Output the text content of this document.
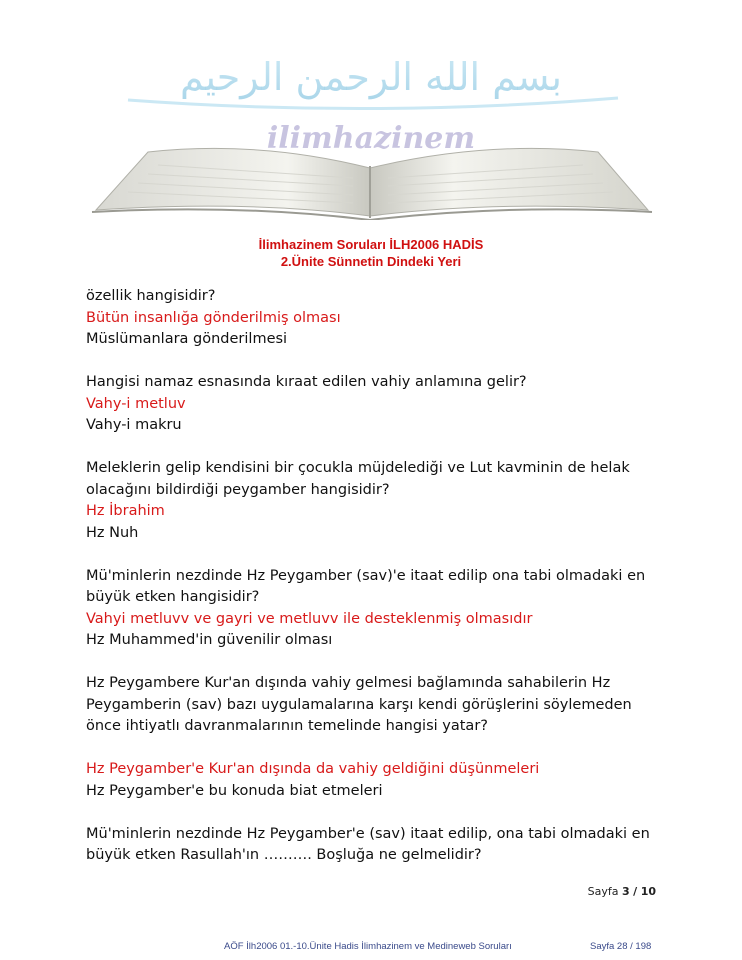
بسم الله الرحمن الرحيم
ilimhazinem
İlimhazinem Soruları İLH2006 HADİS
2.Ünite Sünnetin Dindeki Yeri

özellik hangisidir?

Bütün insanlığa gönderilmiş olması

Müslümanlara gönderilmesi

Hangisi namaz esnasında kıraat edilen vahiy anlamına gelir?

Vahy-i metluv

Vahy-i makru

Meleklerin gelip kendisini bir çocukla müjdelediği ve Lut kavminin de helak

olacağını bildirdiği peygamber hangisidir?

Hz İbrahim

Hz Nuh

Mü'minlerin nezdinde Hz Peygamber (sav)'e itaat edilip ona tabi olmadaki en

büyük etken hangisidir?

Vahyi metluvv ve gayri ve metluvv ile desteklenmiş olmasıdır

Hz Muhammed'in güvenilir olması

Hz Peygambere Kur'an dışında vahiy gelmesi bağlamında sahabilerin Hz

Peygamberin (sav) bazı uygulamalarına karşı kendi görüşlerini söylemeden

önce ihtiyatlı davranmalarının temelinde hangisi yatar?

Hz Peygamber'e Kur'an dışında da vahiy geldiğini düşünmeleri

Hz Peygamber'e bu konuda biat etmeleri

Mü'minlerin nezdinde Hz Peygamber'e (sav) itaat edilip, ona tabi olmadaki en

büyük etken Rasullah'ın ………. Boşluğa ne gelmelidir?

Sayfa 3 / 10
AÖF İlh2006 01.-10.Ünite Hadis İlimhazinem ve Medineweb Soruları	Sayfa 28 / 198
